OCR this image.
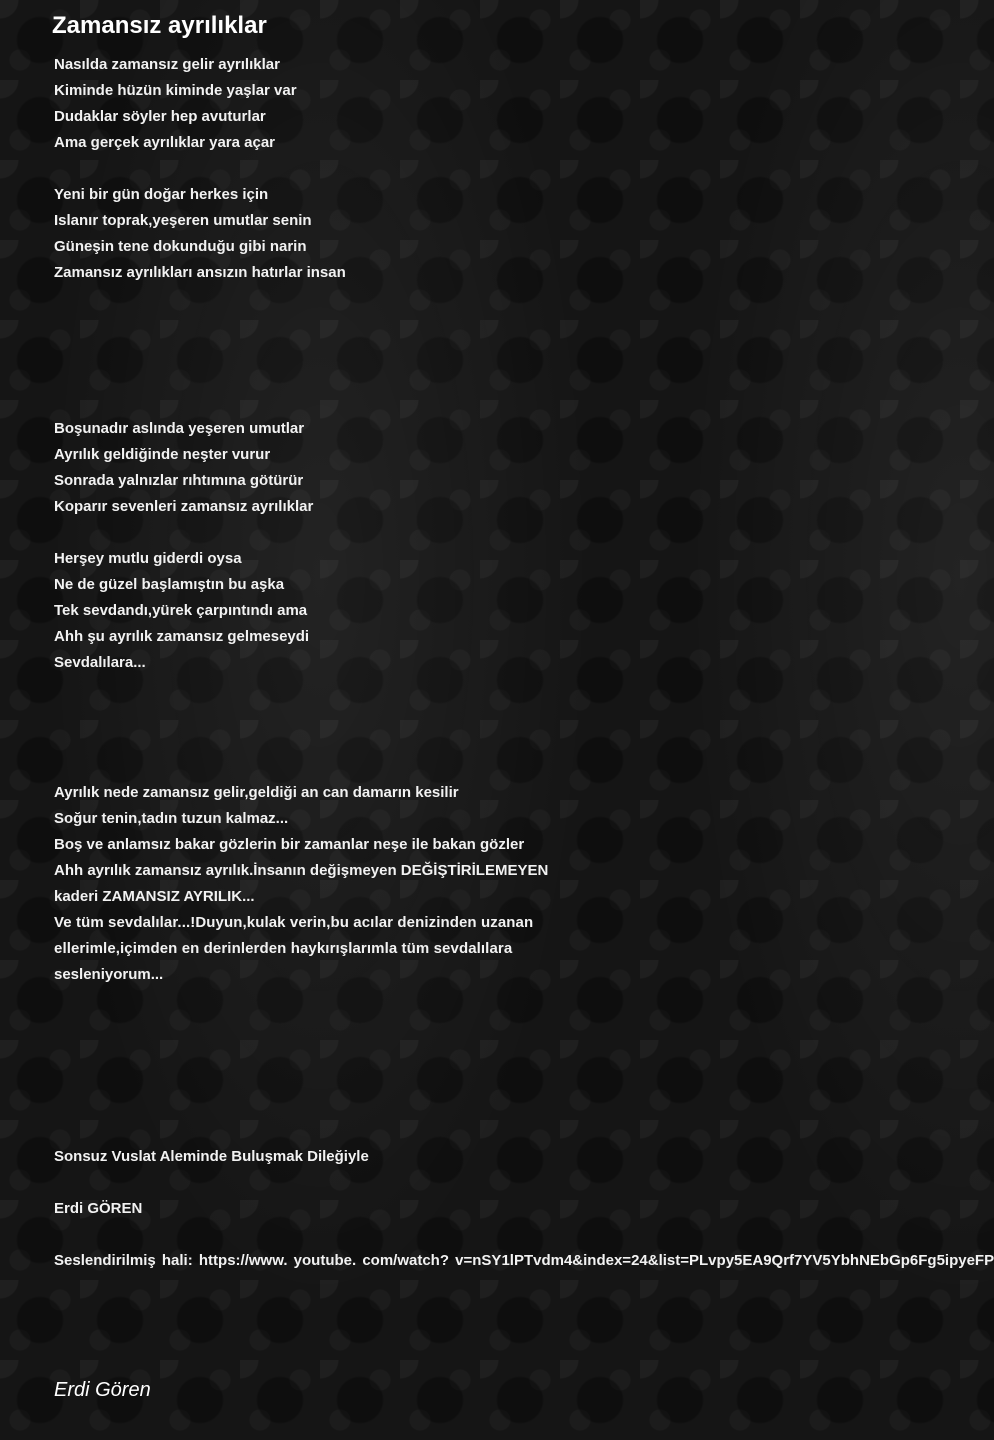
Zamansız ayrılıklar
Nasılda zamansız gelir ayrılıklar
Kiminde hüzün kiminde yaşlar var
Dudaklar söyler hep avuturlar
Ama gerçek ayrılıklar yara açar
Yeni bir gün doğar herkes için
Islanır toprak,yeşeren umutlar senin
Güneşin tene dokunduğu gibi narin
Zamansız ayrılıkları ansızın hatırlar insan
Boşunadır aslında yeşeren umutlar
Ayrılık geldiğinde neşter vurur
Sonrada yalnızlar rıhtımına götürür
Koparır sevenleri zamansız ayrılıklar
Herşey mutlu giderdi oysa
Ne de güzel başlamıştın bu aşka
Tek sevdandı,yürek çarpıntındı ama
Ahh şu ayrılık zamansız gelmeseydi
Sevdalılara...
Ayrılık nede zamansız gelir,geldiği an can damarın kesilir
Soğur tenin,tadın tuzun kalmaz...
Boş ve anlamsız bakar gözlerin bir zamanlar neşe ile bakan gözler
Ahh ayrılık zamansız ayrılık.İnsanın değişmeyen DEĞİŞTİRİLEMEYEN
kaderi ZAMANSIZ AYRILIK...
Ve tüm sevdalılar...!Duyun,kulak verin,bu acılar denizinden uzanan
ellerimle,içimden en derinlerden haykırışlarımla tüm sevdalılara
sesleniyorum...
Sonsuz Vuslat Aleminde Buluşmak Dileğiyle
Erdi GÖREN
Seslendirilmiş hali: https://www. youtube. com/watch? v=nSY1lPTvdm4&index=24&list=PLvpy5EA9Qrf7YV5YbhNEbGp6Fg5ipyeFP
Erdi Gören
